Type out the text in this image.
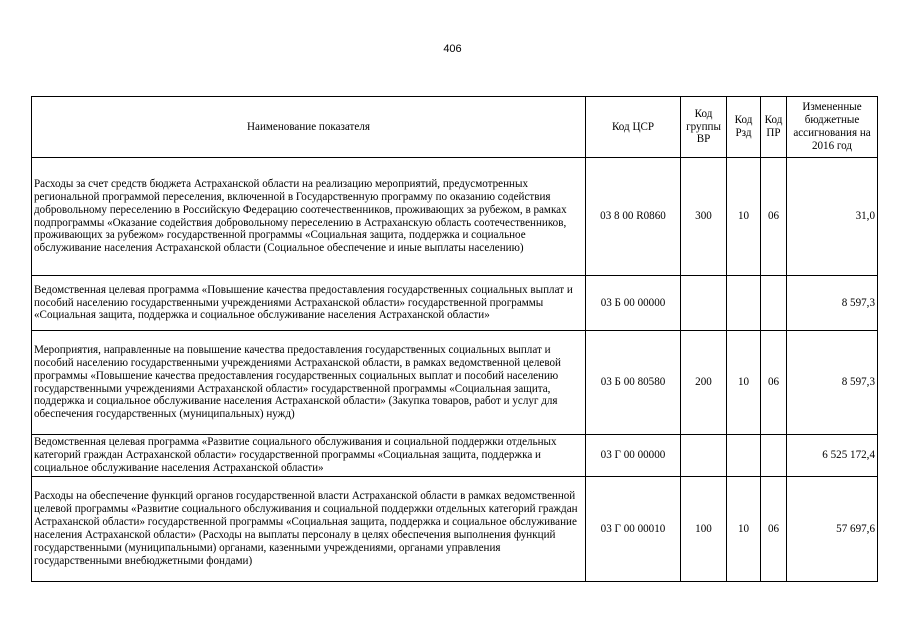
406
Наименование показателя	Код ЦСР	Код группы ВР	Код Рзд	Код ПР	Измененные бюджетные ассигнования на 2016 год
Расходы за счет средств бюджета Астраханской области на реализацию мероприятий, предусмотренных региональной программой переселения, включенной в Государственную программу по оказанию содействия добровольному переселению в Российскую Федерацию соотечественников, проживающих за рубежом, в рамках подпрограммы «Оказание содействия добровольному переселению в Астраханскую область соотечественников, проживающих за рубежом» государственной программы «Социальная защита, поддержка и социальное обслуживание населения Астраханской области (Социальное обеспечение и иные выплаты населению)	03 8 00 R0860	300	10	06	31,0
Ведомственная целевая программа «Повышение качества предоставления государственных социальных выплат и пособий населению государственными учреждениями Астраханской области» государственной программы «Социальная защита, поддержка и социальное обслуживание населения Астраханской области»	03 Б 00 00000				8 597,3
Мероприятия, направленные на повышение качества предоставления государственных социальных выплат и пособий населению государственными учреждениями Астраханской области, в рамках ведомственной целевой программы «Повышение качества предоставления государственных социальных выплат и пособий населению государственными учреждениями Астраханской области» государственной программы «Социальная защита, поддержка и социальное обслуживание населения Астраханской области» (Закупка товаров, работ и услуг для обеспечения государственных (муниципальных) нужд)	03 Б 00 80580	200	10	06	8 597,3
Ведомственная целевая программа «Развитие социального обслуживания и социальной поддержки отдельных категорий граждан Астраханской области» государственной программы «Социальная защита, поддержка и социальное обслуживание населения Астраханской области»	03 Г 00 00000				6 525 172,4
Расходы на обеспечение функций органов государственной власти Астраханской области в рамках ведомственной целевой программы «Развитие социального обслуживания и социальной поддержки отдельных категорий граждан Астраханской области» государственной программы «Социальная защита, поддержка и социальное обслуживание населения Астраханской области» (Расходы на выплаты персоналу в целях обеспечения выполнения функций государственными (муниципальными) органами, казенными учреждениями, органами управления государственными внебюджетными фондами)	03 Г 00 00010	100	10	06	57 697,6
